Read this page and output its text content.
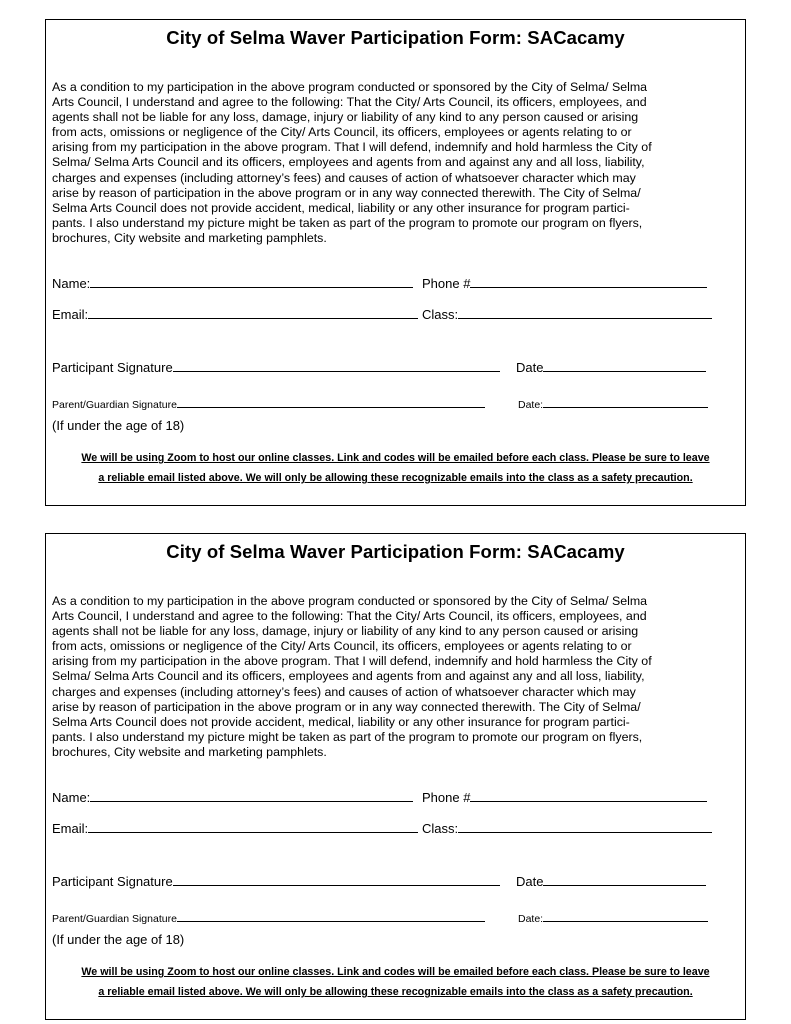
City of Selma Waver Participation Form: SACacamy
As a condition to my participation in the above program conducted or sponsored by the City of Selma/ Selma
Arts Council, I understand and agree to the following: That the City/ Arts Council, its officers, employees, and
agents shall not be liable for any loss, damage, injury or liability of any kind to any person caused or arising
from acts, omissions or negligence of the City/ Arts Council, its officers, employees or agents relating to or
arising from my participation in the above program. That I will defend, indemnify and hold harmless the City of
Selma/ Selma Arts Council and its officers, employees and agents from and against any and all loss, liability,
charges and expenses (including attorney’s fees) and causes of action of whatsoever character which may
arise by reason of participation in the above program or in any way connected therewith. The City of Selma/
Selma Arts Council does not provide accident, medical, liability or any other insurance for program partici-
pants. I also understand my picture might be taken as part of the program to promote our program on flyers,
brochures, City website and marketing pamphlets.
Name:	Phone #
Email:	Class:
Participant Signature	Date
Parent/Guardian Signature	Date:
(If under the age of 18)
We will be using Zoom to host our online classes. Link and codes will be emailed before each class. Please be sure to leave
a reliable email listed above. We will only be allowing these recognizable emails into the class as a safety precaution.
City of Selma Waver Participation Form: SACacamy
As a condition to my participation in the above program conducted or sponsored by the City of Selma/ Selma
Arts Council, I understand and agree to the following: That the City/ Arts Council, its officers, employees, and
agents shall not be liable for any loss, damage, injury or liability of any kind to any person caused or arising
from acts, omissions or negligence of the City/ Arts Council, its officers, employees or agents relating to or
arising from my participation in the above program. That I will defend, indemnify and hold harmless the City of
Selma/ Selma Arts Council and its officers, employees and agents from and against any and all loss, liability,
charges and expenses (including attorney’s fees) and causes of action of whatsoever character which may
arise by reason of participation in the above program or in any way connected therewith. The City of Selma/
Selma Arts Council does not provide accident, medical, liability or any other insurance for program partici-
pants. I also understand my picture might be taken as part of the program to promote our program on flyers,
brochures, City website and marketing pamphlets.
Name:	Phone #
Email:	Class:
Participant Signature	Date
Parent/Guardian Signature	Date:
(If under the age of 18)
We will be using Zoom to host our online classes. Link and codes will be emailed before each class. Please be sure to leave
a reliable email listed above. We will only be allowing these recognizable emails into the class as a safety precaution.
